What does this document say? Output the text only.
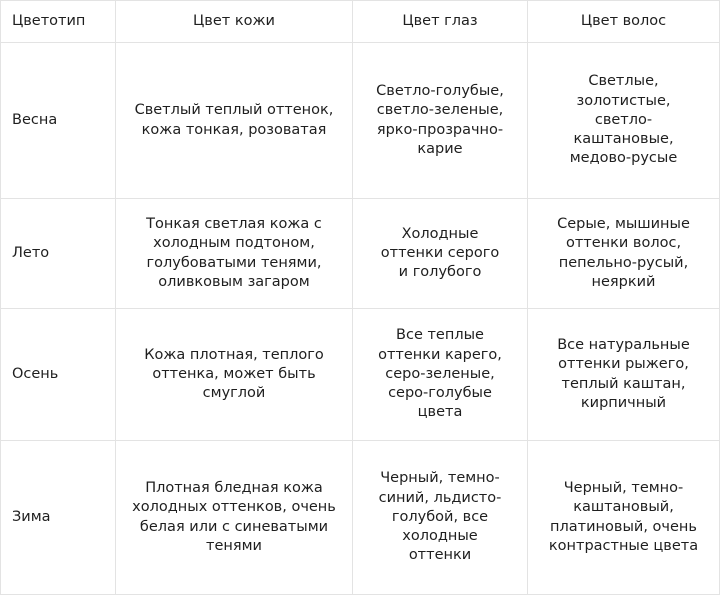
Цветотип	Цвет кожи	Цвет глаз	Цвет волос
Весна	Светлый теплый оттенок, кожа тонкая, розоватая	Светло-голубые, светло-зеленые, ярко-прозрачно-карие	Светлые, золотистые, светло-каштановые, медово-русые
Лето	Тонкая светлая кожа с холодным подтоном, голубоватыми тенями, оливковым загаром	Холодные оттенки серого и голубого	Серые, мышиные оттенки волос, пепельно-русый, неяркий
Осень	Кожа плотная, теплого оттенка, может быть смуглой	Все теплые оттенки карего, серо-зеленые, серо-голубые цвета	Все натуральные оттенки рыжего, теплый каштан, кирпичный
Зима	Плотная бледная кожа холодных оттенков, очень белая или с синеватыми тенями	Черный, темно-синий, льдисто-голубой, все холодные оттенки	Черный, темно-каштановый, платиновый, очень контрастные цвета
